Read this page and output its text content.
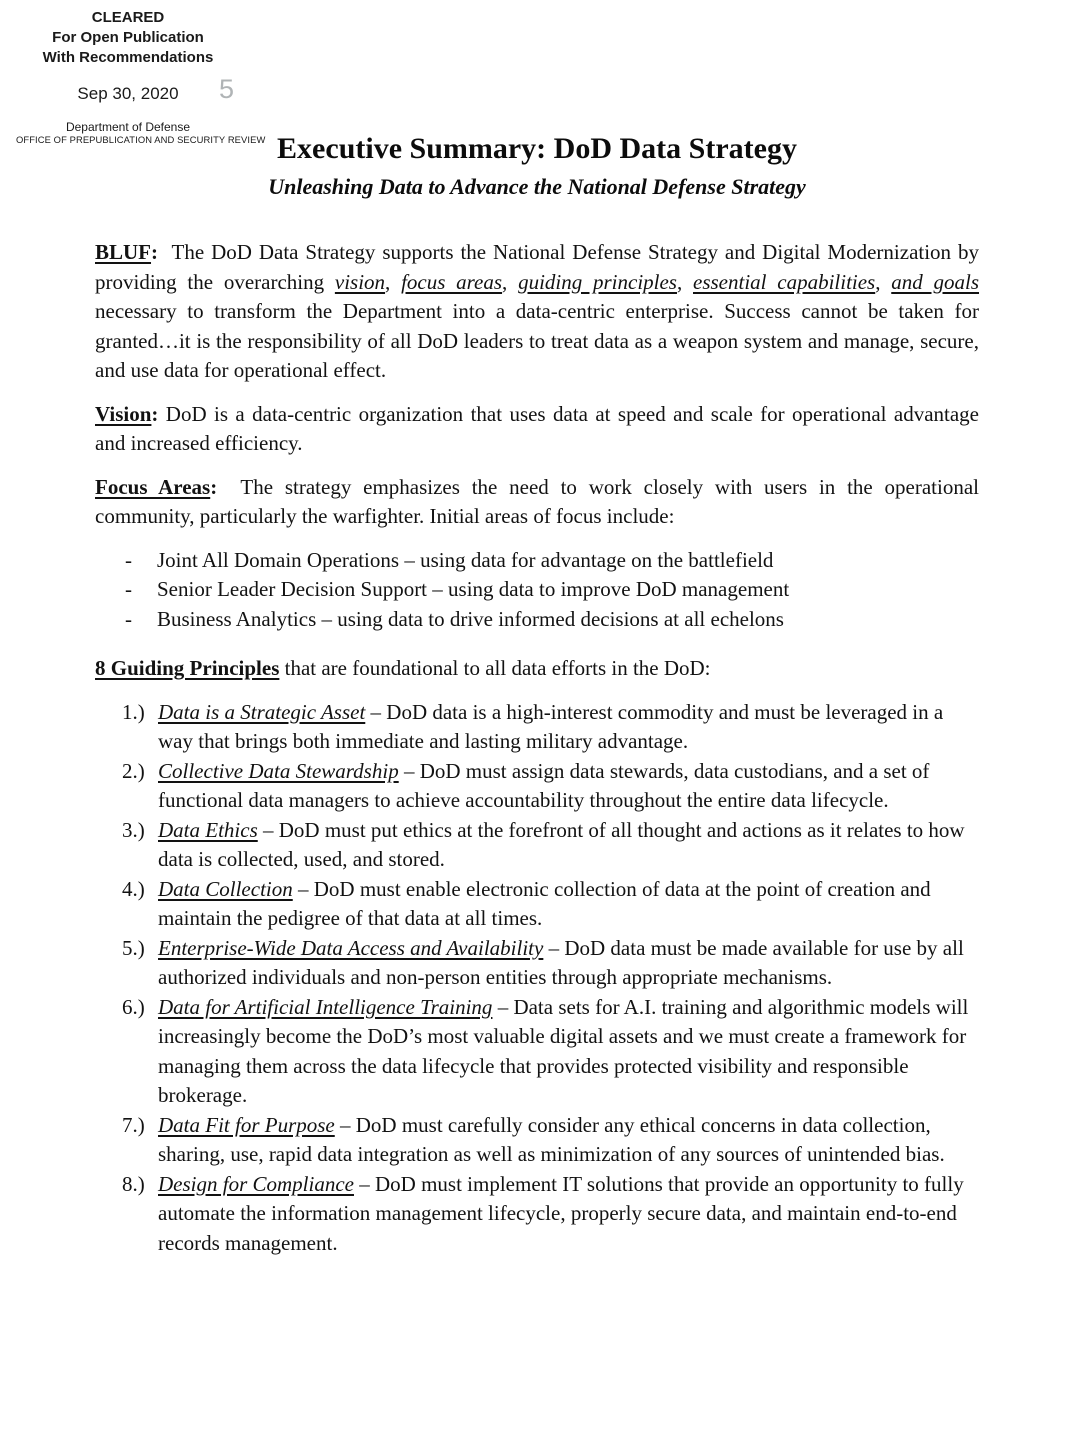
CLEARED
For Open Publication
With Recommendations
Sep 30, 2020
Department of Defense
OFFICE OF PREPUBLICATION AND SECURITY REVIEW
5
Executive Summary: DoD Data Strategy
Unleashing Data to Advance the National Defense Strategy

BLUF:  The DoD Data Strategy supports the National Defense Strategy and Digital Modernization by providing the overarching vision, focus areas, guiding principles, essential capabilities, and goals necessary to transform the Department into a data-centric enterprise. Success cannot be taken for granted…it is the responsibility of all DoD leaders to treat data as a weapon system and manage, secure, and use data for operational effect.

Vision: DoD is a data-centric organization that uses data at speed and scale for operational advantage and increased efficiency.

Focus Areas:  The strategy emphasizes the need to work closely with users in the operational community, particularly the warfighter. Initial areas of focus include:

- Joint All Domain Operations – using data for advantage on the battlefield
- Senior Leader Decision Support – using data to improve DoD management
- Business Analytics – using data to drive informed decisions at all echelons

8 Guiding Principles that are foundational to all data efforts in the DoD:

1.) Data is a Strategic Asset – DoD data is a high-interest commodity and must be leveraged in a way that brings both immediate and lasting military advantage.
2.) Collective Data Stewardship – DoD must assign data stewards, data custodians, and a set of functional data managers to achieve accountability throughout the entire data lifecycle.
3.) Data Ethics – DoD must put ethics at the forefront of all thought and actions as it relates to how data is collected, used, and stored.
4.) Data Collection – DoD must enable electronic collection of data at the point of creation and maintain the pedigree of that data at all times.
5.) Enterprise-Wide Data Access and Availability – DoD data must be made available for use by all authorized individuals and non-person entities through appropriate mechanisms.
6.) Data for Artificial Intelligence Training – Data sets for A.I. training and algorithmic models will increasingly become the DoD’s most valuable digital assets and we must create a framework for managing them across the data lifecycle that provides protected visibility and responsible brokerage.
7.) Data Fit for Purpose – DoD must carefully consider any ethical concerns in data collection, sharing, use, rapid data integration as well as minimization of any sources of unintended bias.
8.) Design for Compliance – DoD must implement IT solutions that provide an opportunity to fully automate the information management lifecycle, properly secure data, and maintain end-to-end records management.
